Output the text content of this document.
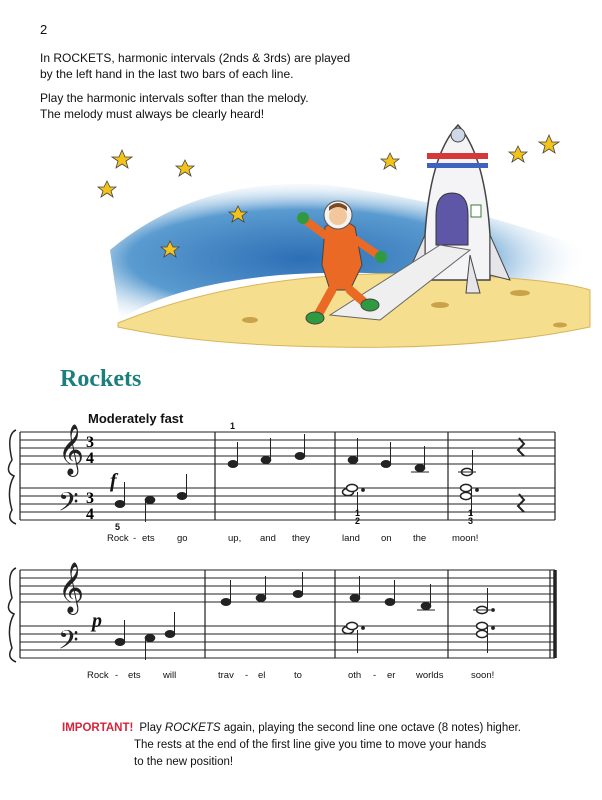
2

In ROCKETS, harmonic intervals (2nds & 3rds) are played
by the left hand in the last two bars of each line.

Play the harmonic intervals softer than the melody.
The melody must always be clearly heard!

Rockets
Moderately fast
𝄞
𝄢
3
4
3
4
f
1
5
1
2
1
3
Rock - ets go	up, and they	land on the	moon!
𝄞
𝄢
p
Rock - ets will	trav - el	to	oth - er worlds	soon!
IMPORTANT! Play ROCKETS again, playing the second line one octave (8 notes) higher.
The rests at the end of the first line give you time to move your hands
to the new position!
